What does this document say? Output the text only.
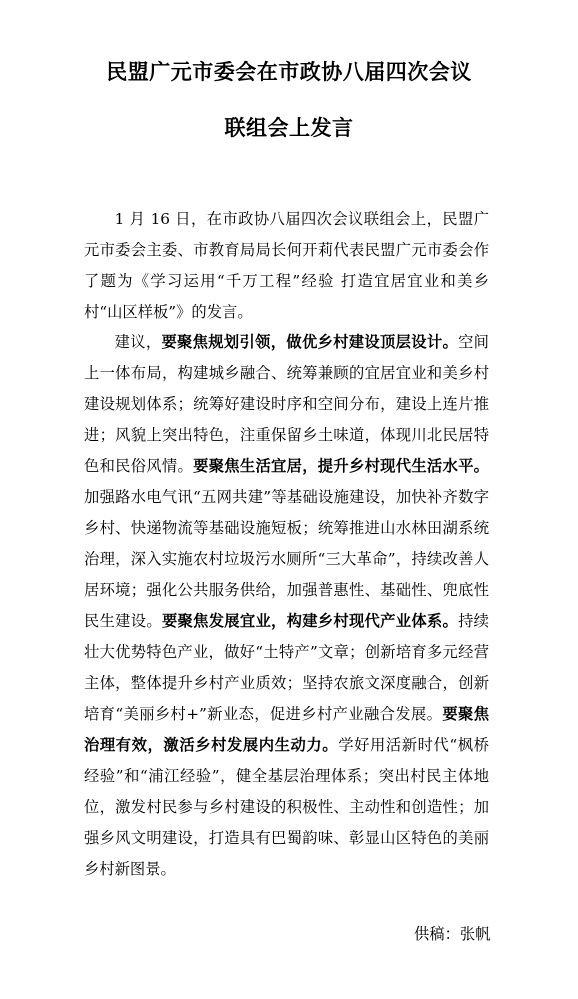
民盟广元市委会在市政协八届四次会议
联组会上发言

1 月 16 日，在市政协八届四次会议联组会上，民盟广元市委会主委、市教育局局长何开莉代表民盟广元市委会作了题为《学习运用“千万工程”经验 打造宜居宜业和美乡村“山区样板”》的发言。

建议，要聚焦规划引领，做优乡村建设顶层设计。空间上一体布局，构建城乡融合、统筹兼顾的宜居宜业和美乡村建设规划体系；统筹好建设时序和空间分布，建设上连片推进；风貌上突出特色，注重保留乡土味道，体现川北民居特色和民俗风情。要聚焦生活宜居，提升乡村现代生活水平。加强路水电气讯“五网共建”等基础设施建设，加快补齐数字乡村、快递物流等基础设施短板；统筹推进山水林田湖系统治理，深入实施农村垃圾污水厕所“三大革命”，持续改善人居环境；强化公共服务供给，加强普惠性、基础性、兜底性民生建设。要聚焦发展宜业，构建乡村现代产业体系。持续壮大优势特色产业，做好“土特产”文章；创新培育多元经营主体，整体提升乡村产业质效；坚持农旅文深度融合，创新培育“美丽乡村+”新业态，促进乡村产业融合发展。要聚焦治理有效，激活乡村发展内生动力。学好用活新时代“枫桥经验”和“浦江经验”，健全基层治理体系；突出村民主体地位，激发村民参与乡村建设的积极性、主动性和创造性；加强乡风文明建设，打造具有巴蜀韵味、彰显山区特色的美丽乡村新图景。

供稿：张帆
